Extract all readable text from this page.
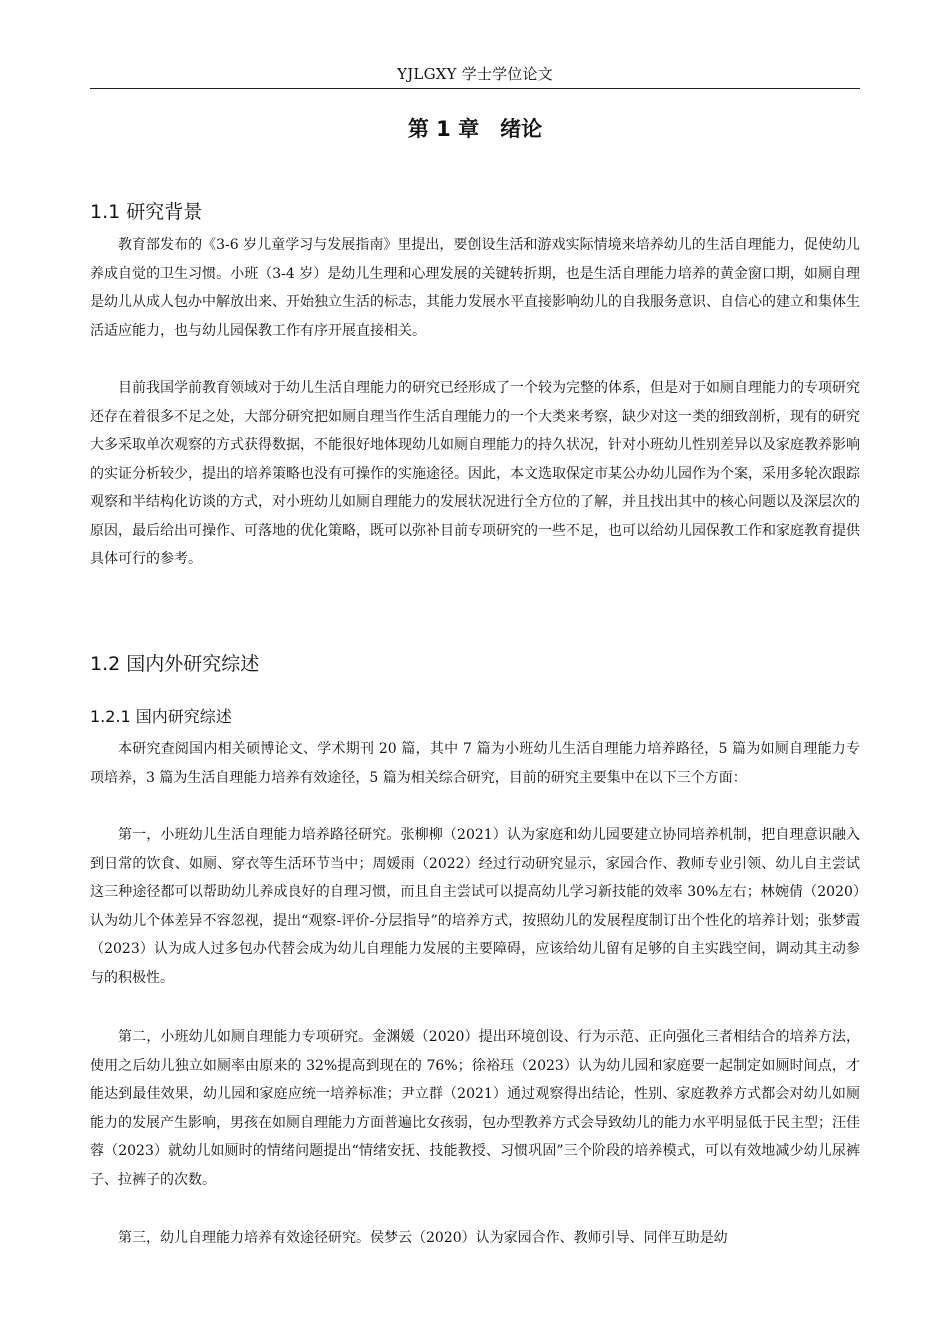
YJLGXY 学士学位论文
第 1 章　绪论
1.1 研究背景

教育部发布的《3-6 岁儿童学习与发展指南》里提出，要创设生活和游戏实际情境来培养幼儿的生活自理能力，促使幼儿养成自觉的卫生习惯。小班（3-4 岁）是幼儿生理和心理发展的关键转折期，也是生活自理能力培养的黄金窗口期，如厕自理是幼儿从成人包办中解放出来、开始独立生活的标志，其能力发展水平直接影响幼儿的自我服务意识、自信心的建立和集体生活适应能力，也与幼儿园保教工作有序开展直接相关。

目前我国学前教育领域对于幼儿生活自理能力的研究已经形成了一个较为完整的体系，但是对于如厕自理能力的专项研究还存在着很多不足之处，大部分研究把如厕自理当作生活自理能力的一个大类来考察，缺少对这一类的细致剖析，现有的研究大多采取单次观察的方式获得数据，不能很好地体现幼儿如厕自理能力的持久状况，针对小班幼儿性别差异以及家庭教养影响的实证分析较少，提出的培养策略也没有可操作的实施途径。因此，本文选取保定市某公办幼儿园作为个案，采用多轮次跟踪观察和半结构化访谈的方式，对小班幼儿如厕自理能力的发展状况进行全方位的了解，并且找出其中的核心问题以及深层次的原因，最后给出可操作、可落地的优化策略，既可以弥补目前专项研究的一些不足，也可以给幼儿园保教工作和家庭教育提供具体可行的参考。

1.2 国内外研究综述
1.2.1 国内研究综述

本研究查阅国内相关硕博论文、学术期刊 20 篇，其中 7 篇为小班幼儿生活自理能力培养路径，5 篇为如厕自理能力专项培养，3 篇为生活自理能力培养有效途径，5 篇为相关综合研究，目前的研究主要集中在以下三个方面：

第一，小班幼儿生活自理能力培养路径研究。张柳柳（2021）认为家庭和幼儿园要建立协同培养机制，把自理意识融入到日常的饮食、如厕、穿衣等生活环节当中；周媛雨（2022）经过行动研究显示，家园合作、教师专业引领、幼儿自主尝试这三种途径都可以帮助幼儿养成良好的自理习惯，而且自主尝试可以提高幼儿学习新技能的效率 30%左右；林婉倩（2020）认为幼儿个体差异不容忽视，提出“观察-评价-分层指导”的培养方式，按照幼儿的发展程度制订出个性化的培养计划；张梦霞（2023）认为成人过多包办代替会成为幼儿自理能力发展的主要障碍，应该给幼儿留有足够的自主实践空间，调动其主动参与的积极性。

第二，小班幼儿如厕自理能力专项研究。金渊媛（2020）提出环境创设、行为示范、正向强化三者相结合的培养方法，使用之后幼儿独立如厕率由原来的 32%提高到现在的 76%；徐裕珏（2023）认为幼儿园和家庭要一起制定如厕时间点，才能达到最佳效果，幼儿园和家庭应统一培养标准；尹立群（2021）通过观察得出结论，性别、家庭教养方式都会对幼儿如厕能力的发展产生影响，男孩在如厕自理能力方面普遍比女孩弱，包办型教养方式会导致幼儿的能力水平明显低于民主型；汪佳蓉（2023）就幼儿如厕时的情绪问题提出“情绪安抚、技能教授、习惯巩固”三个阶段的培养模式，可以有效地减少幼儿尿裤子、拉裤子的次数。

第三，幼儿自理能力培养有效途径研究。侯梦云（2020）认为家园合作、教师引导、同伴互助是幼
